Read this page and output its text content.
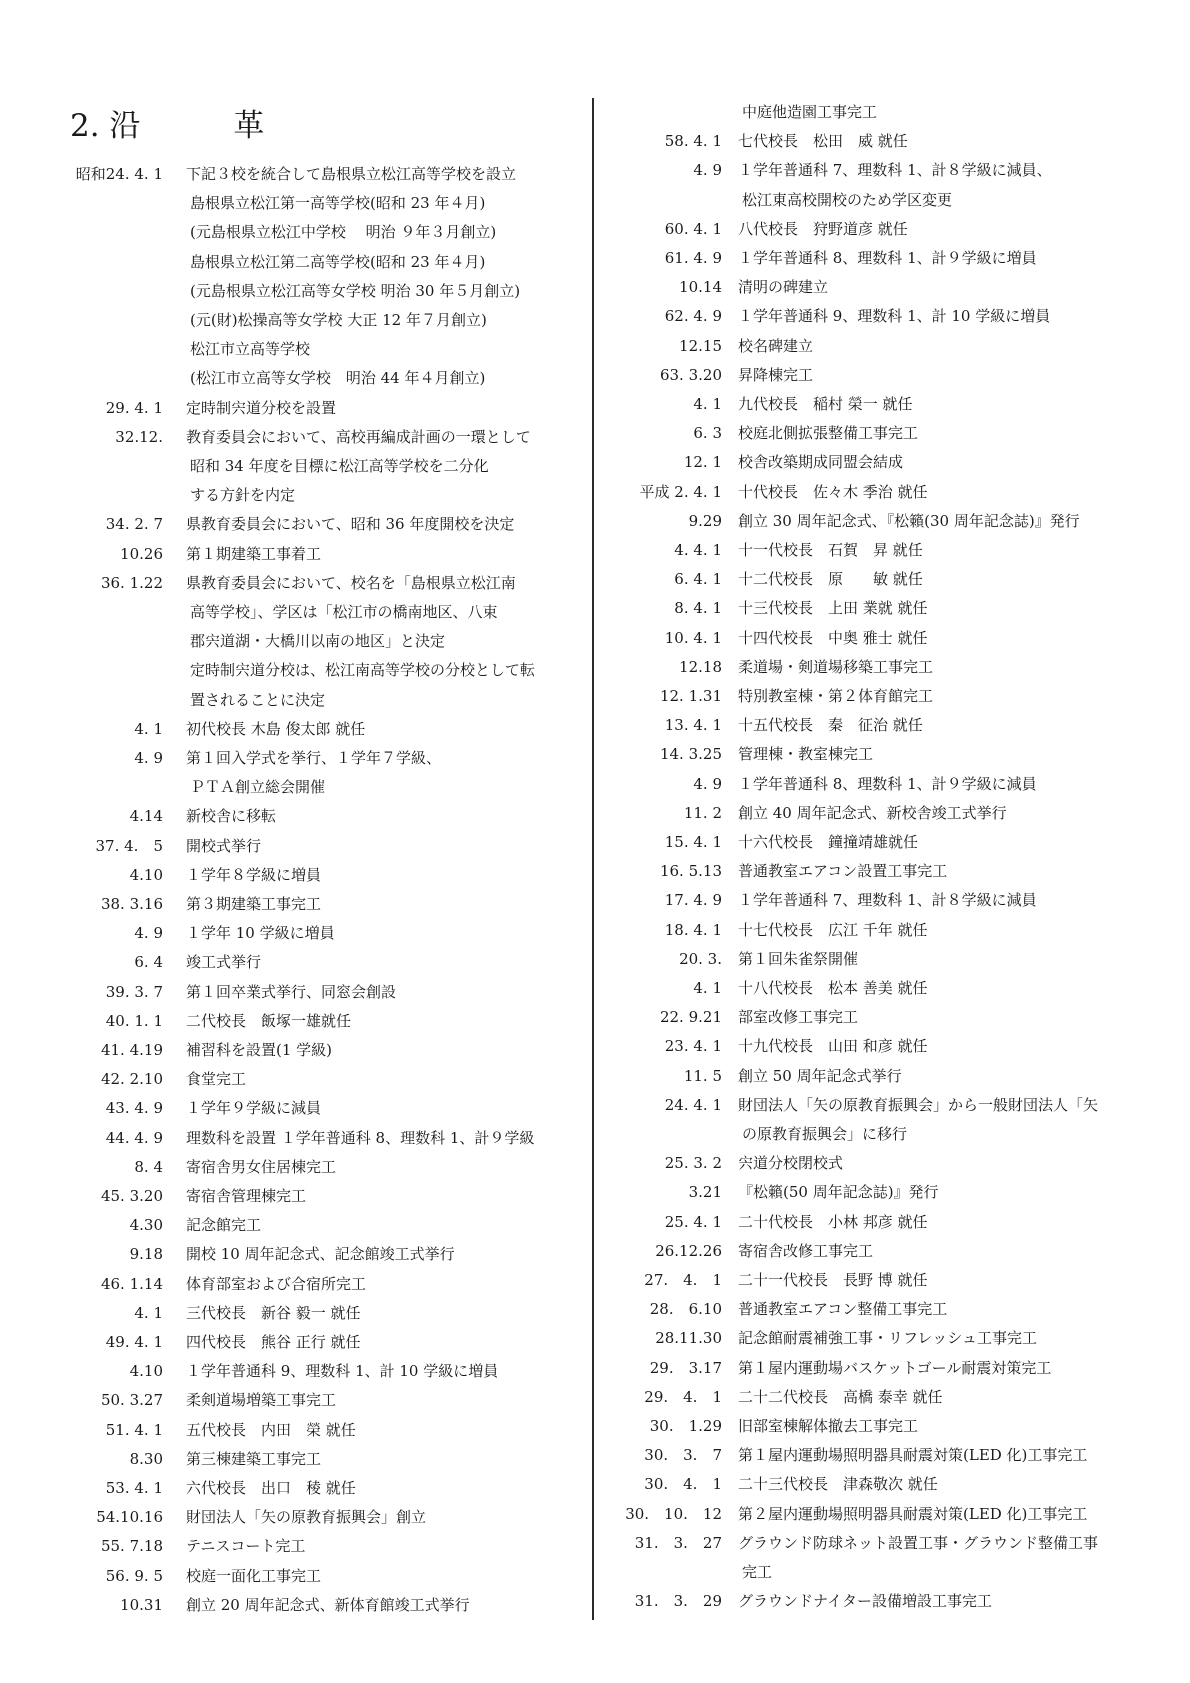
2. 沿　　　革
昭和24. 4. 1 下記３校を統合して島根県立松江高等学校を設立
島根県立松江第一高等学校(昭和 23 年４月)
(元島根県立松江中学校　 明治 ９年３月創立)
島根県立松江第二高等学校(昭和 23 年４月)
(元島根県立松江高等女学校 明治 30 年５月創立)
(元(財)松操高等女学校 大正 12 年７月創立)
松江市立高等学校
(松江市立高等女学校　明治 44 年４月創立)
29. 4. 1 定時制宍道分校を設置
32.12. 教育委員会において、高校再編成計画の一環として
昭和 34 年度を目標に松江高等学校を二分化
する方針を内定
34. 2. 7 県教育委員会において、昭和 36 年度開校を決定
10.26 第１期建築工事着工
36. 1.22 県教育委員会において、校名を「島根県立松江南
高等学校」、学区は「松江市の橋南地区、八束
郡宍道湖・大橋川以南の地区」と決定
定時制宍道分校は、松江南高等学校の分校として転
置されることに決定
4. 1 初代校長 木島 俊太郎 就任
4. 9 第１回入学式を挙行、１学年７学級、
ＰＴＡ創立総会開催
4.14 新校舎に移転
37. 4.　5 開校式挙行
4.10 １学年８学級に増員
38. 3.16 第３期建築工事完工
4. 9 １学年 10 学級に増員
6. 4 竣工式挙行
39. 3. 7 第１回卒業式挙行、同窓会創設
40. 1. 1 二代校長　飯塚一雄就任
41. 4.19 補習科を設置(1 学級)
42. 2.10 食堂完工
43. 4. 9 １学年９学級に減員
44. 4. 9 理数科を設置 １学年普通科 8、理数科 1、計９学級
8. 4 寄宿舎男女住居棟完工
45. 3.20 寄宿舎管理棟完工
4.30 記念館完工
9.18 開校 10 周年記念式、記念館竣工式挙行
46. 1.14 体育部室および合宿所完工
4. 1 三代校長　新谷 毅一 就任
49. 4. 1 四代校長　熊谷 正行 就任
4.10 １学年普通科 9、理数科 1、計 10 学級に増員
50. 3.27 柔剣道場増築工事完工
51. 4. 1 五代校長　内田　榮 就任
8.30 第三棟建築工事完工
53. 4. 1 六代校長　出口　稜 就任
54.10.16 財団法人「矢の原教育振興会」創立
55. 7.18 テニスコート完工
56. 9. 5 校庭一面化工事完工
10.31 創立 20 周年記念式、新体育館竣工式挙行
中庭他造園工事完工
58. 4. 1 七代校長　松田　威 就任
4. 9 １学年普通科 7、理数科 1、計８学級に減員、
松江東高校開校のため学区変更
60. 4. 1 八代校長　狩野道彦 就任
61. 4. 9 １学年普通科 8、理数科 1、計９学級に増員
10.14 清明の碑建立
62. 4. 9 １学年普通科 9、理数科 1、計 10 学級に増員
12.15 校名碑建立
63. 3.20 昇降棟完工
4. 1 九代校長　稲村 榮一 就任
6. 3 校庭北側拡張整備工事完工
12. 1 校舎改築期成同盟会結成
平成 2. 4. 1 十代校長　佐々木 季治 就任
9.29 創立 30 周年記念式、『松籟(30 周年記念誌)』発行
4. 4. 1 十一代校長　石賀　昇 就任
6. 4. 1 十二代校長　原　　敏 就任
8. 4. 1 十三代校長　上田 業就 就任
10. 4. 1 十四代校長　中奥 雅士 就任
12.18 柔道場・剣道場移築工事完工
12. 1.31 特別教室棟・第２体育館完工
13. 4. 1 十五代校長　秦　征治 就任
14. 3.25 管理棟・教室棟完工
4. 9 １学年普通科 8、理数科 1、計９学級に減員
11. 2 創立 40 周年記念式、新校舎竣工式挙行
15. 4. 1 十六代校長　鐘撞靖雄就任
16. 5.13 普通教室エアコン設置工事完工
17. 4. 9 １学年普通科 7、理数科 1、計８学級に減員
18. 4. 1 十七代校長　広江 千年 就任
20. 3. 第１回朱雀祭開催
4. 1 十八代校長　松本 善美 就任
22. 9.21 部室改修工事完工
23. 4. 1 十九代校長　山田 和彦 就任
11. 5 創立 50 周年記念式挙行
24. 4. 1 財団法人「矢の原教育振興会」から一般財団法人「矢
の原教育振興会」に移行
25. 3. 2 宍道分校閉校式
3.21 『松籟(50 周年記念誌)』発行
25. 4. 1 二十代校長　小林 邦彦 就任
26.12.26 寄宿舎改修工事完工
27.　4.　1 二十一代校長　長野 博 就任
28.　6.10 普通教室エアコン整備工事完工
28.11.30 記念館耐震補強工事・リフレッシュ工事完工
29.　3.17 第１屋内運動場バスケットゴール耐震対策完工
29.　4.　1 二十二代校長　高橋 泰幸 就任
30.　1.29 旧部室棟解体撤去工事完工
30.　3.　7 第１屋内運動場照明器具耐震対策(LED 化)工事完工
30.　4.　1 二十三代校長　津森敬次 就任
30.　10.　12 第２屋内運動場照明器具耐震対策(LED 化)工事完工
31.　3.　27 グラウンド防球ネット設置工事・グラウンド整備工事
完工
31.　3.　29 グラウンドナイター設備増設工事完工
